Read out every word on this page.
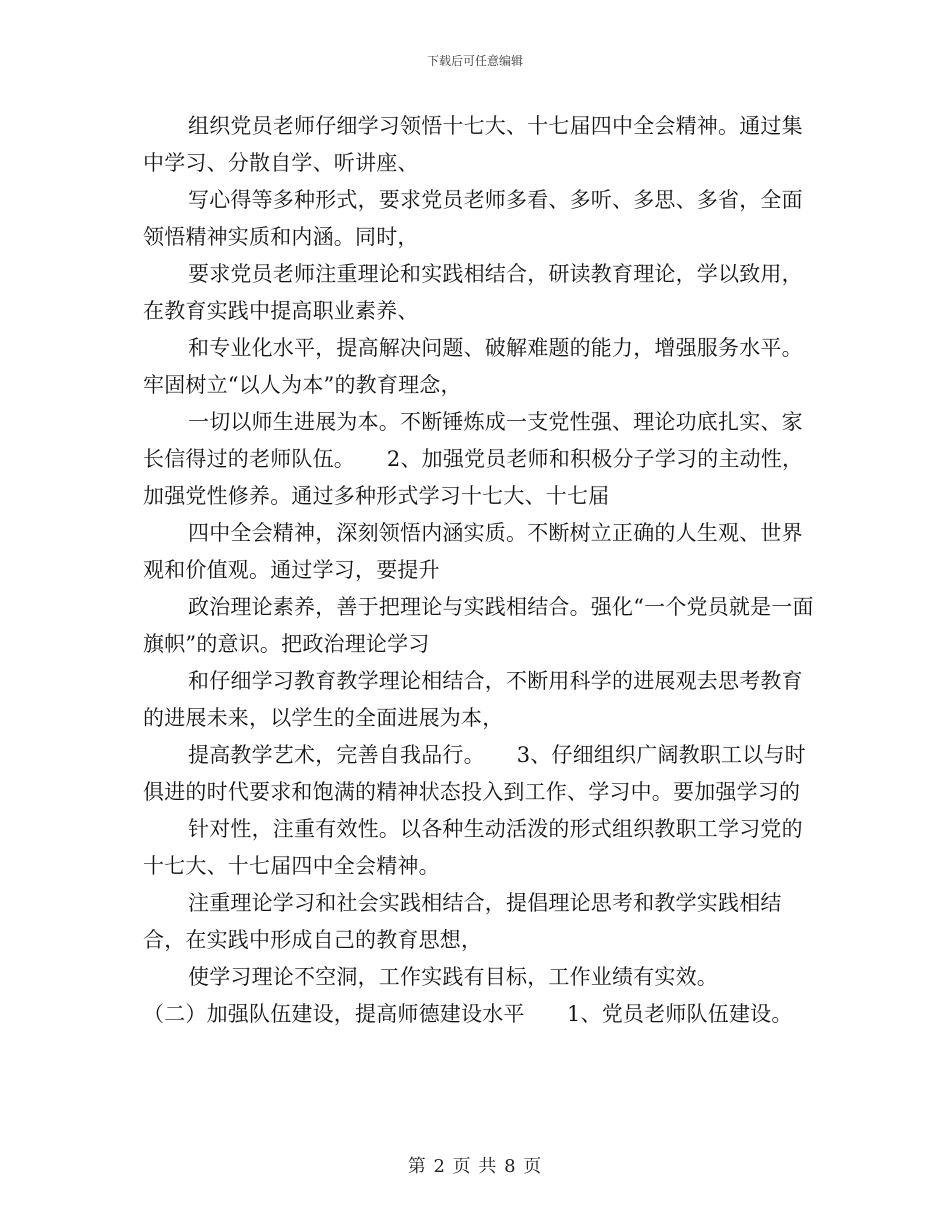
下载后可任意编辑

组织党员老师仔细学习领悟十七大、十七届四中全会精神。通过集中学习、分散自学、听讲座、

写心得等多种形式，要求党员老师多看、多听、多思、多省，全面领悟精神实质和内涵。同时，

要求党员老师注重理论和实践相结合，研读教育理论，学以致用，在教育实践中提高职业素养、

和专业化水平，提高解决问题、破解难题的能力，增强服务水平。牢固树立“以人为本”的教育理念，

一切以师生进展为本。不断锤炼成一支党性强、理论功底扎实、家长信得过的老师队伍。　　2、加强党员老师和积极分子学习的主动性，加强党性修养。通过多种形式学习十七大、十七届

四中全会精神，深刻领悟内涵实质。不断树立正确的人生观、世界观和价值观。通过学习，要提升

政治理论素养，善于把理论与实践相结合。强化“一个党员就是一面旗帜”的意识。把政治理论学习

和仔细学习教育教学理论相结合，不断用科学的进展观去思考教育的进展未来，以学生的全面进展为本，

提高教学艺术，完善自我品行。　　3、仔细组织广阔教职工以与时俱进的时代要求和饱满的精神状态投入到工作、学习中。要加强学习的

针对性，注重有效性。以各种生动活泼的形式组织教职工学习党的十七大、十七届四中全会精神。

注重理论学习和社会实践相结合，提倡理论思考和教学实践相结合，在实践中形成自己的教育思想，

使学习理论不空洞，工作实践有目标，工作业绩有实效。

（二）加强队伍建设，提高师德建设水平　　1、党员老师队伍建设。

第 2 页 共 8 页
